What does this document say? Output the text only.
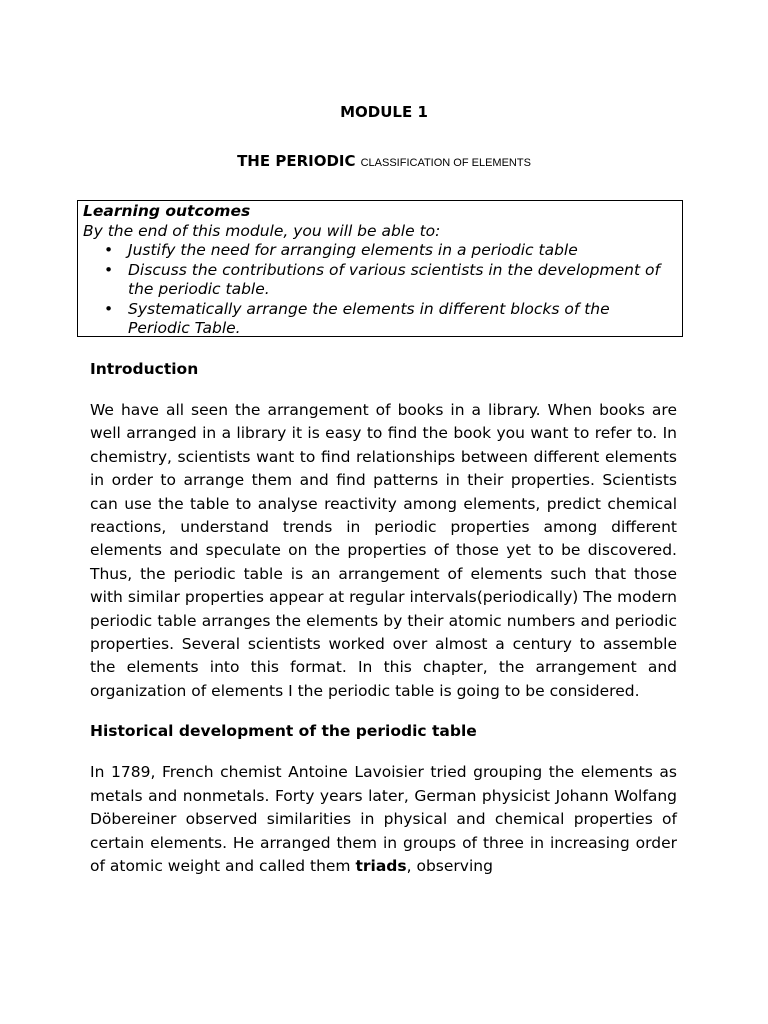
MODULE 1
THE PERIODIC CLASSIFICATION OF ELEMENTS
Learning outcomes
By the end of this module, you will be able to:
• Justify the need for arranging elements in a periodic table
• Discuss the contributions of various scientists in the development of the periodic table.
• Systematically arrange the elements in different blocks of the Periodic Table.
Introduction

We have all seen the arrangement of books in a library. When books are well arranged in a library it is easy to find the book you want to refer to. In chemistry, scientists want to find relationships between different elements in order to arrange them and find patterns in their properties. Scientists can use the table to analyse reactivity among elements, predict chemical reactions, understand trends in periodic properties among different elements and speculate on the properties of those yet to be discovered. Thus, the periodic table is an arrangement of elements such that those with similar properties appear at regular intervals(periodically) The modern periodic table arranges the elements by their atomic numbers and periodic properties. Several scientists worked over almost a century to assemble the elements into this format. In this chapter, the arrangement and organization of elements I the periodic table is going to be considered.

Historical development of the periodic table

In 1789, French chemist Antoine Lavoisier tried grouping the elements as metals and nonmetals. Forty years later, German physicist Johann Wolfang Döbereiner observed similarities in physical and chemical properties of certain elements. He arranged them in groups of three in increasing order of atomic weight and called them triads, observing
